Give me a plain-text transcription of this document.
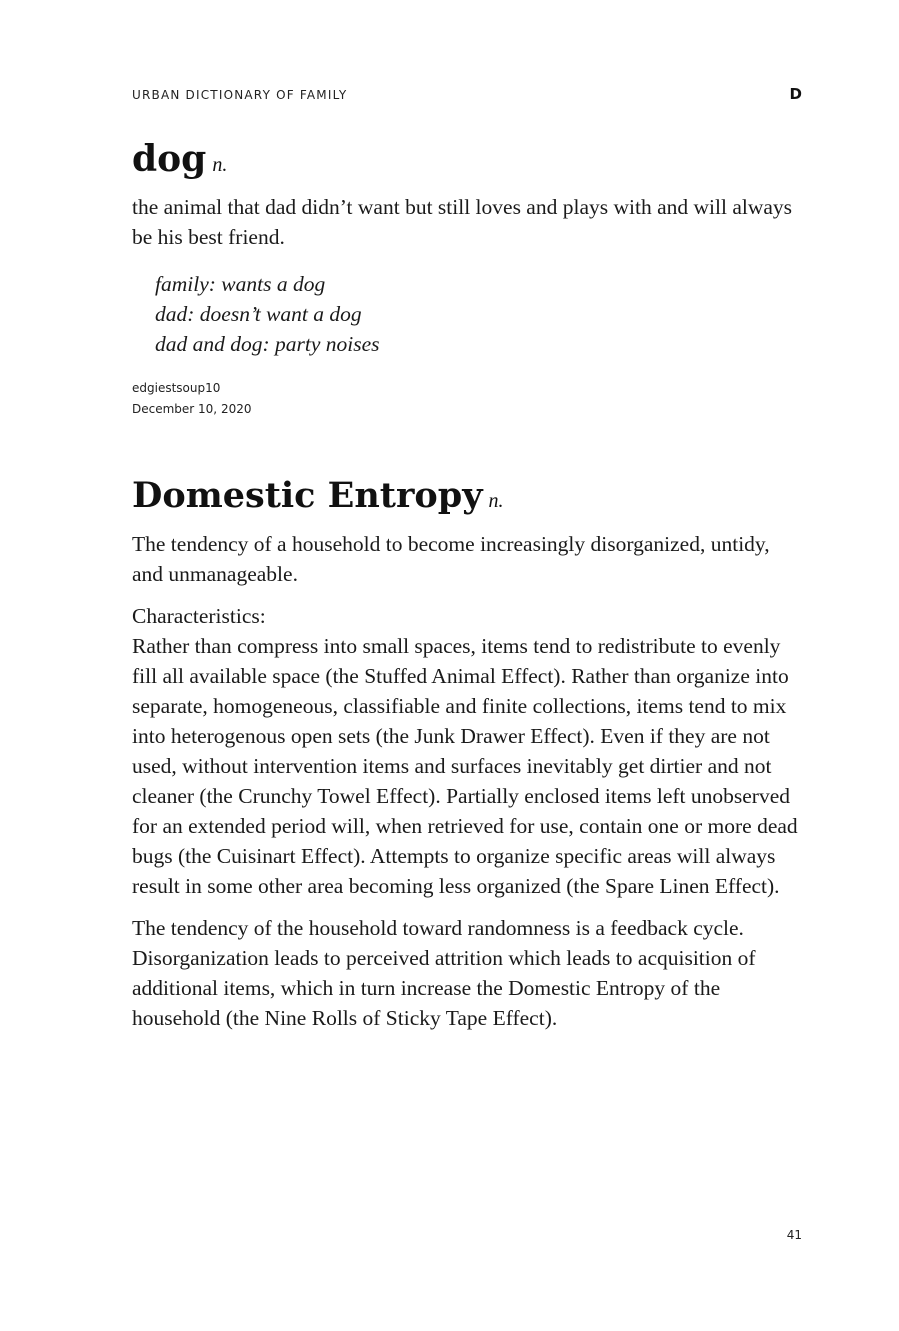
URBAN DICTIONARY OF FAMILY	D
dog n.

the animal that dad didn’t want but still loves and plays with and will always be his best friend.

family: wants a dog
dad: doesn’t want a dog
dad and dog: party noises
edgiestsoup10
December 10, 2020
Domestic Entropy n.

The tendency of a household to become increasingly disorganized, untidy, and unmanageable.

Characteristics:

Rather than compress into small spaces, items tend to redistribute to evenly fill all available space (the Stuffed Animal Effect). Rather than organize into separate, homogeneous, classifiable and finite collections, items tend to mix into heterogenous open sets (the Junk Drawer Effect). Even if they are not used, without intervention items and surfaces inevitably get dirtier and not cleaner (the Crunchy Towel Effect). Partially enclosed items left unobserved for an extended period will, when retrieved for use, contain one or more dead bugs (the Cuisinart Effect). Attempts to organize specific areas will always result in some other area becoming less organized (the Spare Linen Effect).

The tendency of the household toward randomness is a feedback cycle. Disorganization leads to perceived attrition which leads to acquisition of additional items, which in turn increase the Domestic Entropy of the household (the Nine Rolls of Sticky Tape Effect).

41
